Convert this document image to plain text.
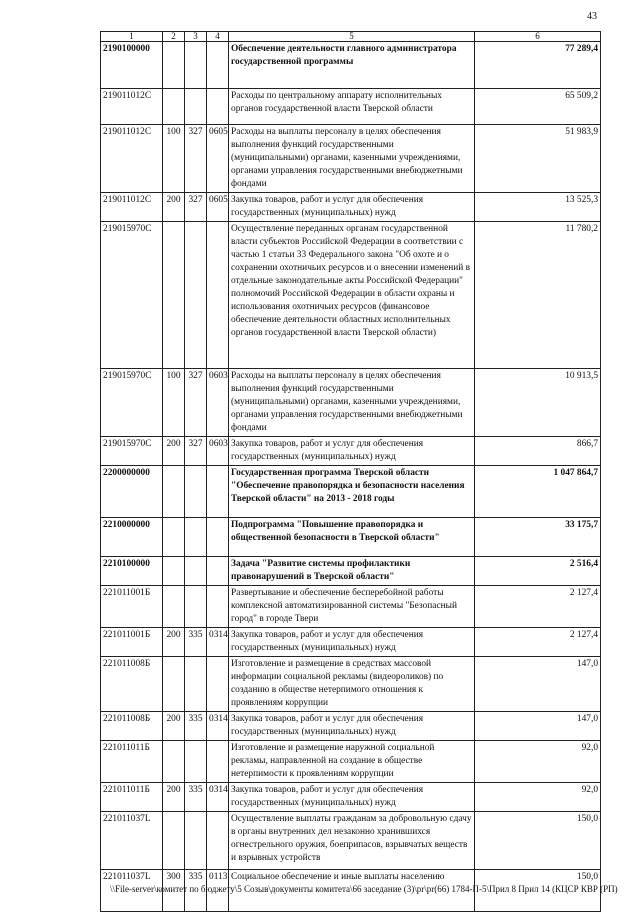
43
1	2	3	4	5	6
2190100000				Обеспечение деятельности главного администратора государственной программы	77 289,4
219011012С				Расходы по центральному аппарату исполнительных органов государственной власти Тверской области	65 509,2
219011012С	100	327	0605	Расходы на выплаты персоналу в целях обеспечения выполнения функций государственными (муниципальными) органами, казенными учреждениями, органами управления государственными внебюджетными фондами	51 983,9
219011012С	200	327	0605	Закупка товаров, работ и услуг для обеспечения государственных (муниципальных) нужд	13 525,3
219015970С				Осуществление переданных органам государственной власти субъектов Российской Федерации в соответствии с частью 1 статьи 33 Федерального закона "Об охоте и о сохранении охотничьих ресурсов и о внесении изменений в отдельные законодательные акты Российской Федерации" полномочий Российской Федерации в области охраны и использования охотничьих ресурсов (финансовое обеспечение деятельности областных исполнительных органов государственной власти Тверской области)	11 780,2
219015970С	100	327	0603	Расходы на выплаты персоналу в целях обеспечения выполнения функций государственными (муниципальными) органами, казенными учреждениями, органами управления государственными внебюджетными фондами	10 913,5
219015970С	200	327	0603	Закупка товаров, работ и услуг для обеспечения государственных (муниципальных) нужд	866,7
2200000000				Государственная программа Тверской области "Обеспечение правопорядка и безопасности населения Тверской области" на 2013 - 2018 годы	1 047 864,7
2210000000				Подпрограмма "Повышение правопорядка и общественной безопасности в Тверской области"	33 175,7
2210100000				Задача "Развитие системы профилактики правонарушений в Тверской области"	2 516,4
221011001Б				Развертывание и обеспечение бесперебойной работы комплексной автоматизированной системы "Безопасный город" в городе Твери	2 127,4
221011001Б	200	335	0314	Закупка товаров, работ и услуг для обеспечения государственных (муниципальных) нужд	2 127,4
221011008Б				Изготовление и размещение в средствах массовой информации социальной рекламы (видеороликов) по созданию в обществе нетерпимого отношения к проявлениям коррупции	147,0
221011008Б	200	335	0314	Закупка товаров, работ и услуг для обеспечения государственных (муниципальных) нужд	147,0
221011011Б				Изготовление и размещение наружной социальной рекламы, направленной на создание в обществе нетерпимости к проявлениям коррупции	92,0
221011011Б	200	335	0314	Закупка товаров, работ и услуг для обеспечения государственных (муниципальных) нужд	92,0
221011037L				Осуществление выплаты гражданам за добровольную сдачу в органы внутренних дел незаконно хранившихся огнестрельного оружия, боеприпасов, взрывчатых веществ и взрывных устройств	150,0
221011037L	300	335	0113	Социальное обеспечение и иные выплаты населению	150,0
\\File-server\комитет по бюджету\5 Созыв\документы комитета\66 заседание (3)\pr\pr(66) 1784-П-5\Прил 8 Прил 14 (КЦСР КВР (РП)
